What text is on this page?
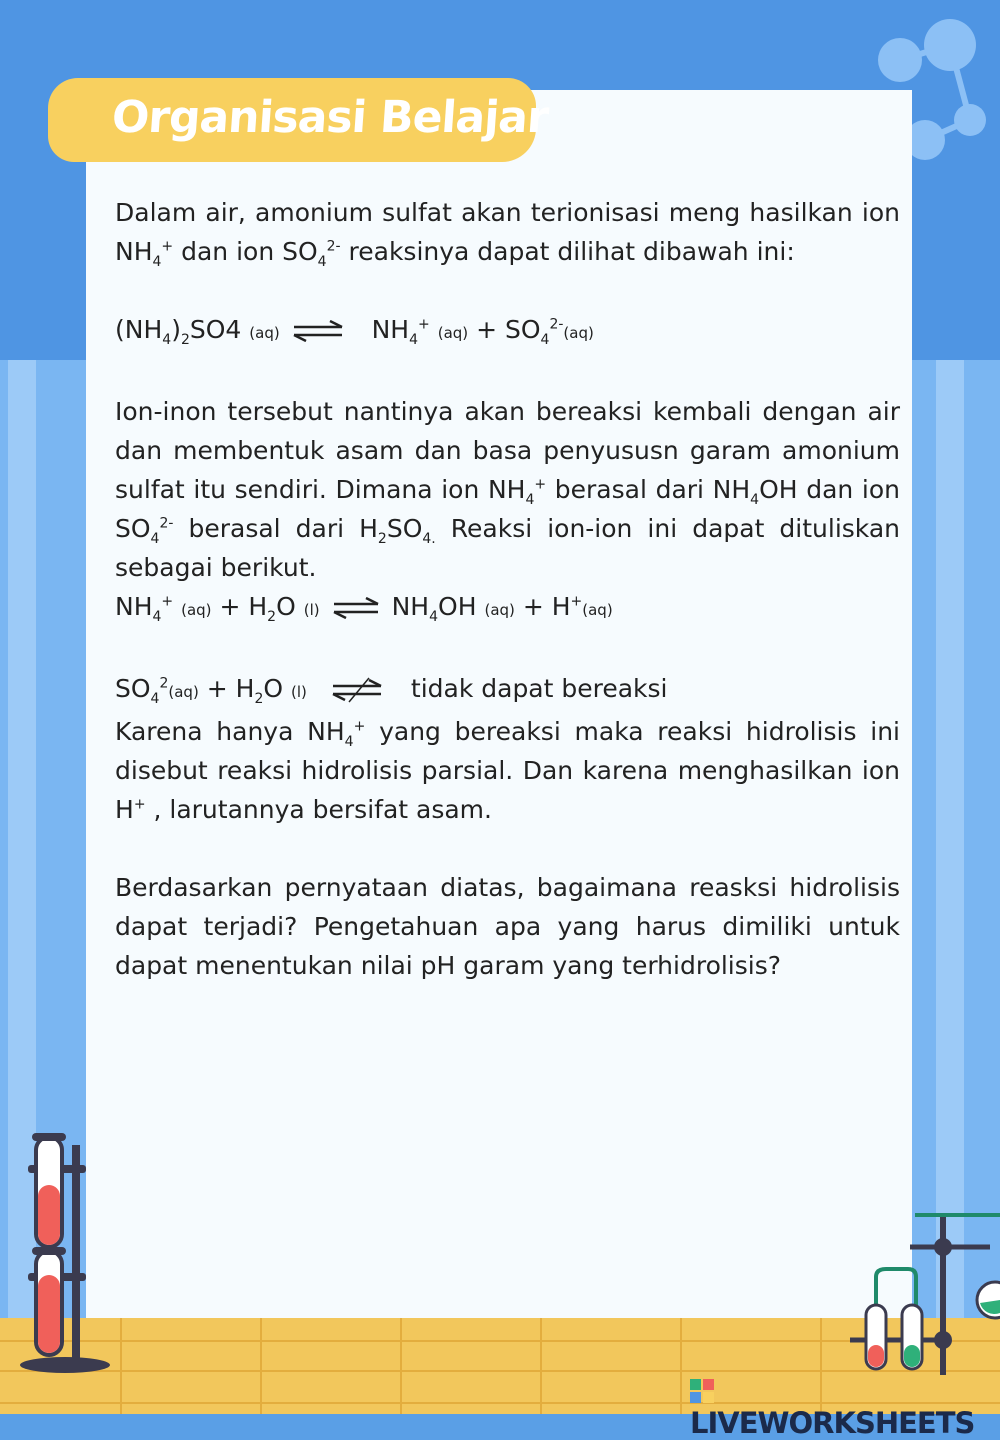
Organisasi Belajar

Dalam air, amonium sulfat akan terionisasi meng hasilkan ion $NH_4^+$ dan ion $SO_4^{2-}$ reaksinya dapat dilihat dibawah ini:

$(NH_4)_2SO4$ (aq) ⇌ $NH_4^+$ $(aq) + SO_4^{2-}(aq)$

Ion-inon tersebut nantinya akan bereaksi kembali dengan air dan membentuk asam dan basa penyususn garam amonium sulfat itu sendiri. Dimana ion $NH_4^+$ berasal dari $NH_4OH$ dan ion $SO_4^{2-}$ berasal dari $H_2SO_{4.}$ Reaksi ion-ion ini dapat dituliskan sebagai berikut.

$NH_4^+$ $(aq) + H_2O$ (l) ⇌ $NH_4OH$ (aq) + H+(aq)

$SO_4^2(aq) + H_2O$ (l)	tidak dapat bereaksi

Karena hanya $NH_4^+$ yang bereaksi maka reaksi hidrolisis ini disebut reaksi hidrolisis parsial. Dan karena menghasilkan ion H+ , larutannya bersifat asam.

Berdasarkan pernyataan diatas, bagaimana reasksi hidrolisis dapat terjadi? Pengetahuan apa yang harus dimiliki untuk dapat menentukan nilai pH garam yang terhidrolisis?

LIVEWORKSHEETS
